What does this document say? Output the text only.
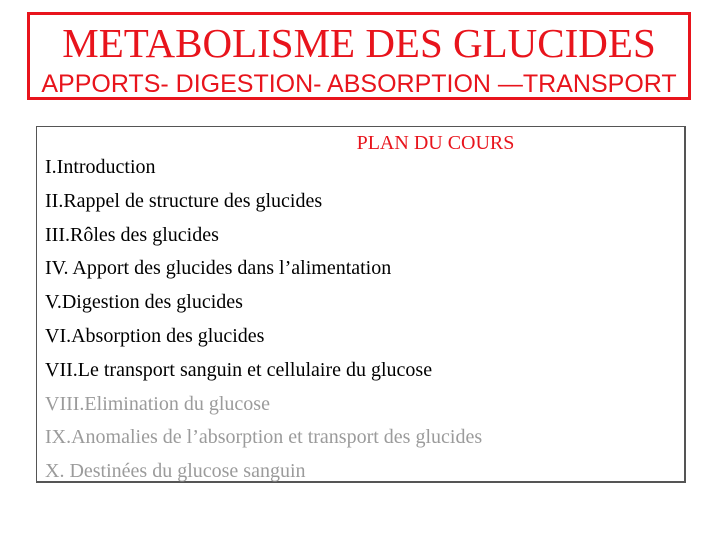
METABOLISME DES GLUCIDES
APPORTS- DIGESTION- ABSORPTION —TRANSPORT
PLAN DU COURS
I.Introduction
II.Rappel de structure des glucides
III.Rôles des glucides
IV. Apport des glucides dans l’alimentation
V.Digestion des glucides
VI.Absorption des glucides
VII.Le transport sanguin et cellulaire du glucose
VIII.Elimination du glucose
IX.Anomalies de l’absorption et transport des glucides
X. Destinées du glucose sanguin
